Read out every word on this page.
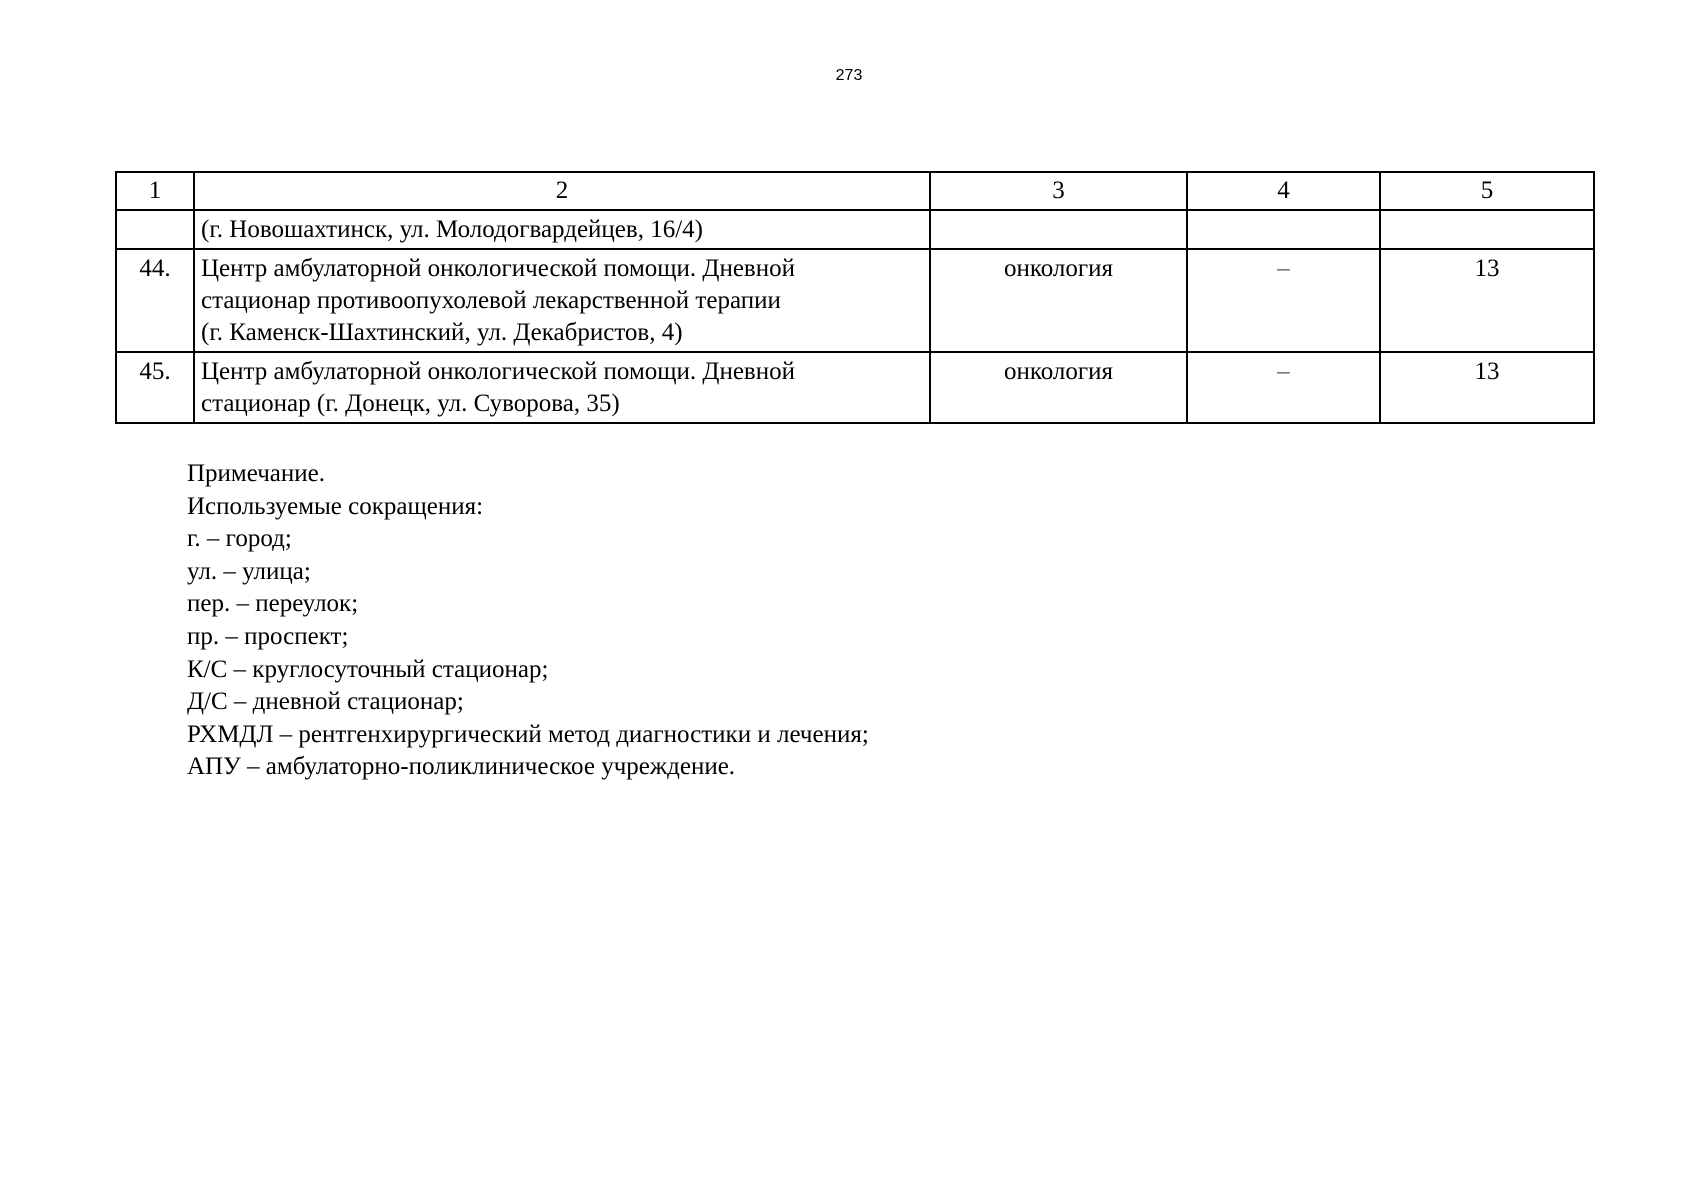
273
1	2	3	4	5

	(г. Новошахтинск, ул. Молодогвардейцев, 16/4)			

44.	Центр амбулаторной онкологической помощи. Дневной
стационар противоопухолевой лекарственной терапии
(г. Каменск-Шахтинский, ул. Декабристов, 4)	онкология	–	13
45.	Центр амбулаторной онкологической помощи. Дневной
стационар (г. Донецк, ул. Суворова, 35)	онкология	–	13
Примечание.
Используемые сокращения:
г. – город;
ул. – улица;
пер. – переулок;
пр. – проспект;
К/С – круглосуточный стационар;
Д/С – дневной стационар;
РХМДЛ – рентгенхирургический метод диагностики и лечения;
АПУ – амбулаторно-поликлиническое учреждение.
